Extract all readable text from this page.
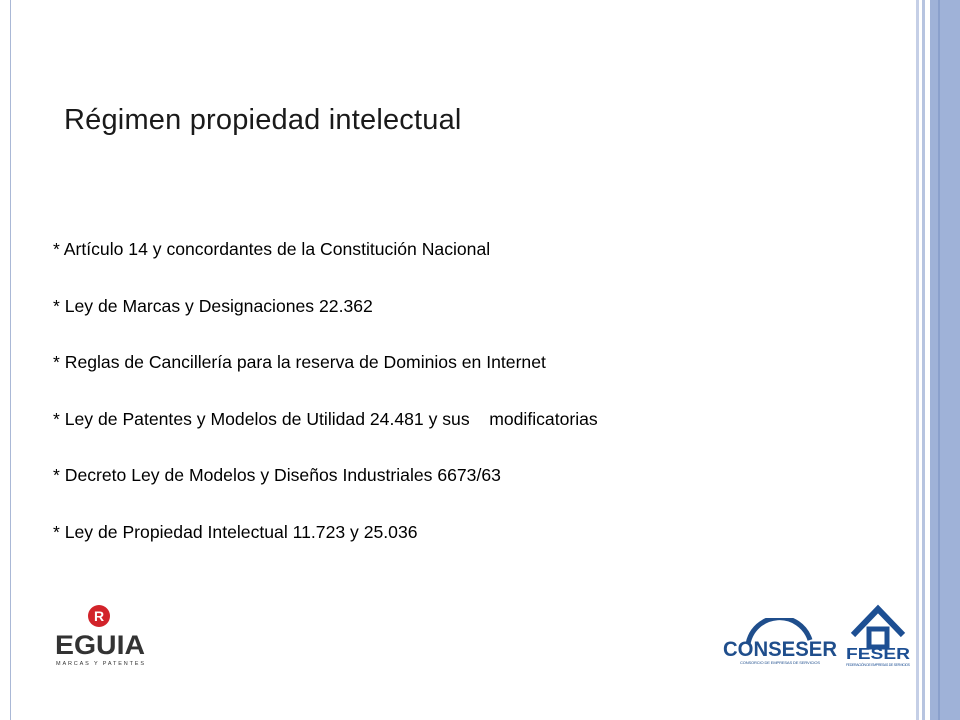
Régimen propiedad intelectual
* Artículo 14 y concordantes de la Constitución Nacional
* Ley de Marcas y Designaciones 22.362
* Reglas de Cancillería para la reserva de Dominios en Internet
* Ley de Patentes y Modelos de Utilidad 24.481 y sus    modificatorias
* Decreto Ley de Modelos y Diseños Industriales 6673/63
* Ley de Propiedad Intelectual 11.723 y 25.036
R
EGUIA
MARCAS Y PATENTES
CONSESER
CONSORCIO DE EMPRESAS DE SERVICIOS FESER
FEDERACIÓN DE EMPRESAS DE SERVICIOS
